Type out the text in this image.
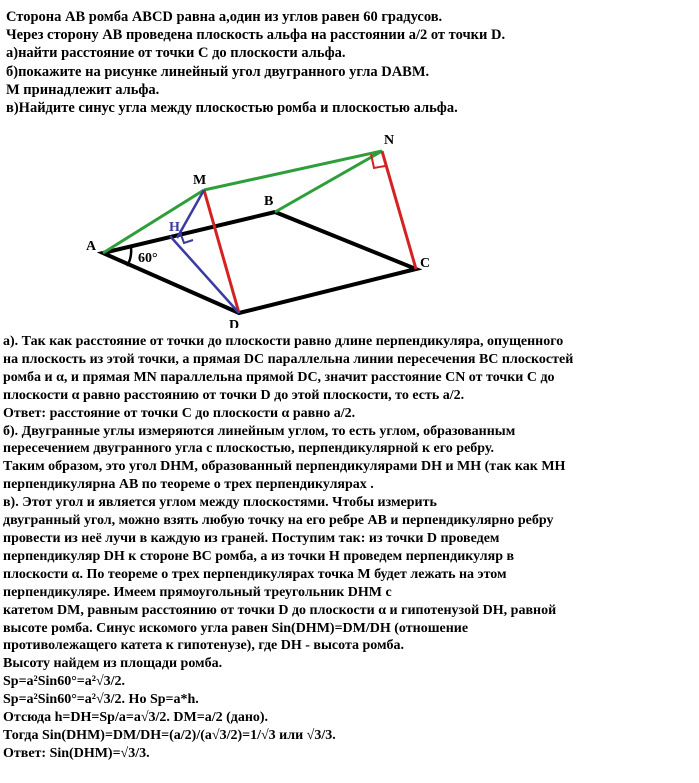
Сторона АВ ромба ABCD равна а,один из углов равен 60 градусов.
Через сторону АВ проведена плоскость альфа на расстоянии а/2 от точки D.
а)найти расстояние от точки С до плоскости альфа.
б)покажите на рисунке линейный угол двугранного угла DABM.
M принадлежит альфа.
в)Найдите синус угла между плоскостью ромба и плоскостью альфа.
A
B
C
D
M
N
H
60°
а). Так как расстояние от точки до плоскости равно длине перпендикуляра, опущенного
на плоскость из этой точки, а прямая DC параллельна линии пересечения ВС плоскостей
ромба и α, и прямая MN параллельна прямой DC, значит расстояние CN от точки С до
плоскости α равно расстоянию от точки D до этой плоскости, то есть а/2.
Ответ: расстояние от точки С до плоскости α равно а/2.
б). Двугранные углы измеряются линейным углом, то есть углом, образованным
пересечением двугранного угла с плоскостью, перпендикулярной к его ребру.
Таким образом, это угол DHM, образованный перпендикулярами DH и MH (так как MH
перпендикулярна АВ по теореме о трех перпендикулярах .
в). Этот угол и является углом между плоскостями. Чтобы измерить
двугранный угол, можно взять любую точку на его ребре АВ и перпендикулярно ребру
провести из неё лучи в каждую из граней. Поступим так: из точки D проведем
перпендикуляр DH к стороне ВС ромба, а из точки Н проведем перпендикуляр в
плоскости α. По теореме о трех перпендикулярах точка М будет лежать на этом
перпендикуляре. Имеем прямоугольный треугольник DHM с
катетом DM, равным расстоянию от точки D до плоскости α и гипотенузой DH, равной
высоте ромба. Синус искомого угла равен Sin(DHM)=DM/DH (отношение
противолежащего катета к гипотенузе), где DH - высота ромба.
Высоту найдем из площади ромба.
Sp=a²Sin60°=a²√3/2.
Sp=a²Sin60°=a²√3/2. Но Sp=a*h.
Отсюда h=DH=Sp/a=a√3/2. DM=a/2 (дано).
Тогда Sin(DHM)=DM/DH=(a/2)/(a√3/2)=1/√3 или √3/3.
Ответ: Sin(DHM)=√3/3.
